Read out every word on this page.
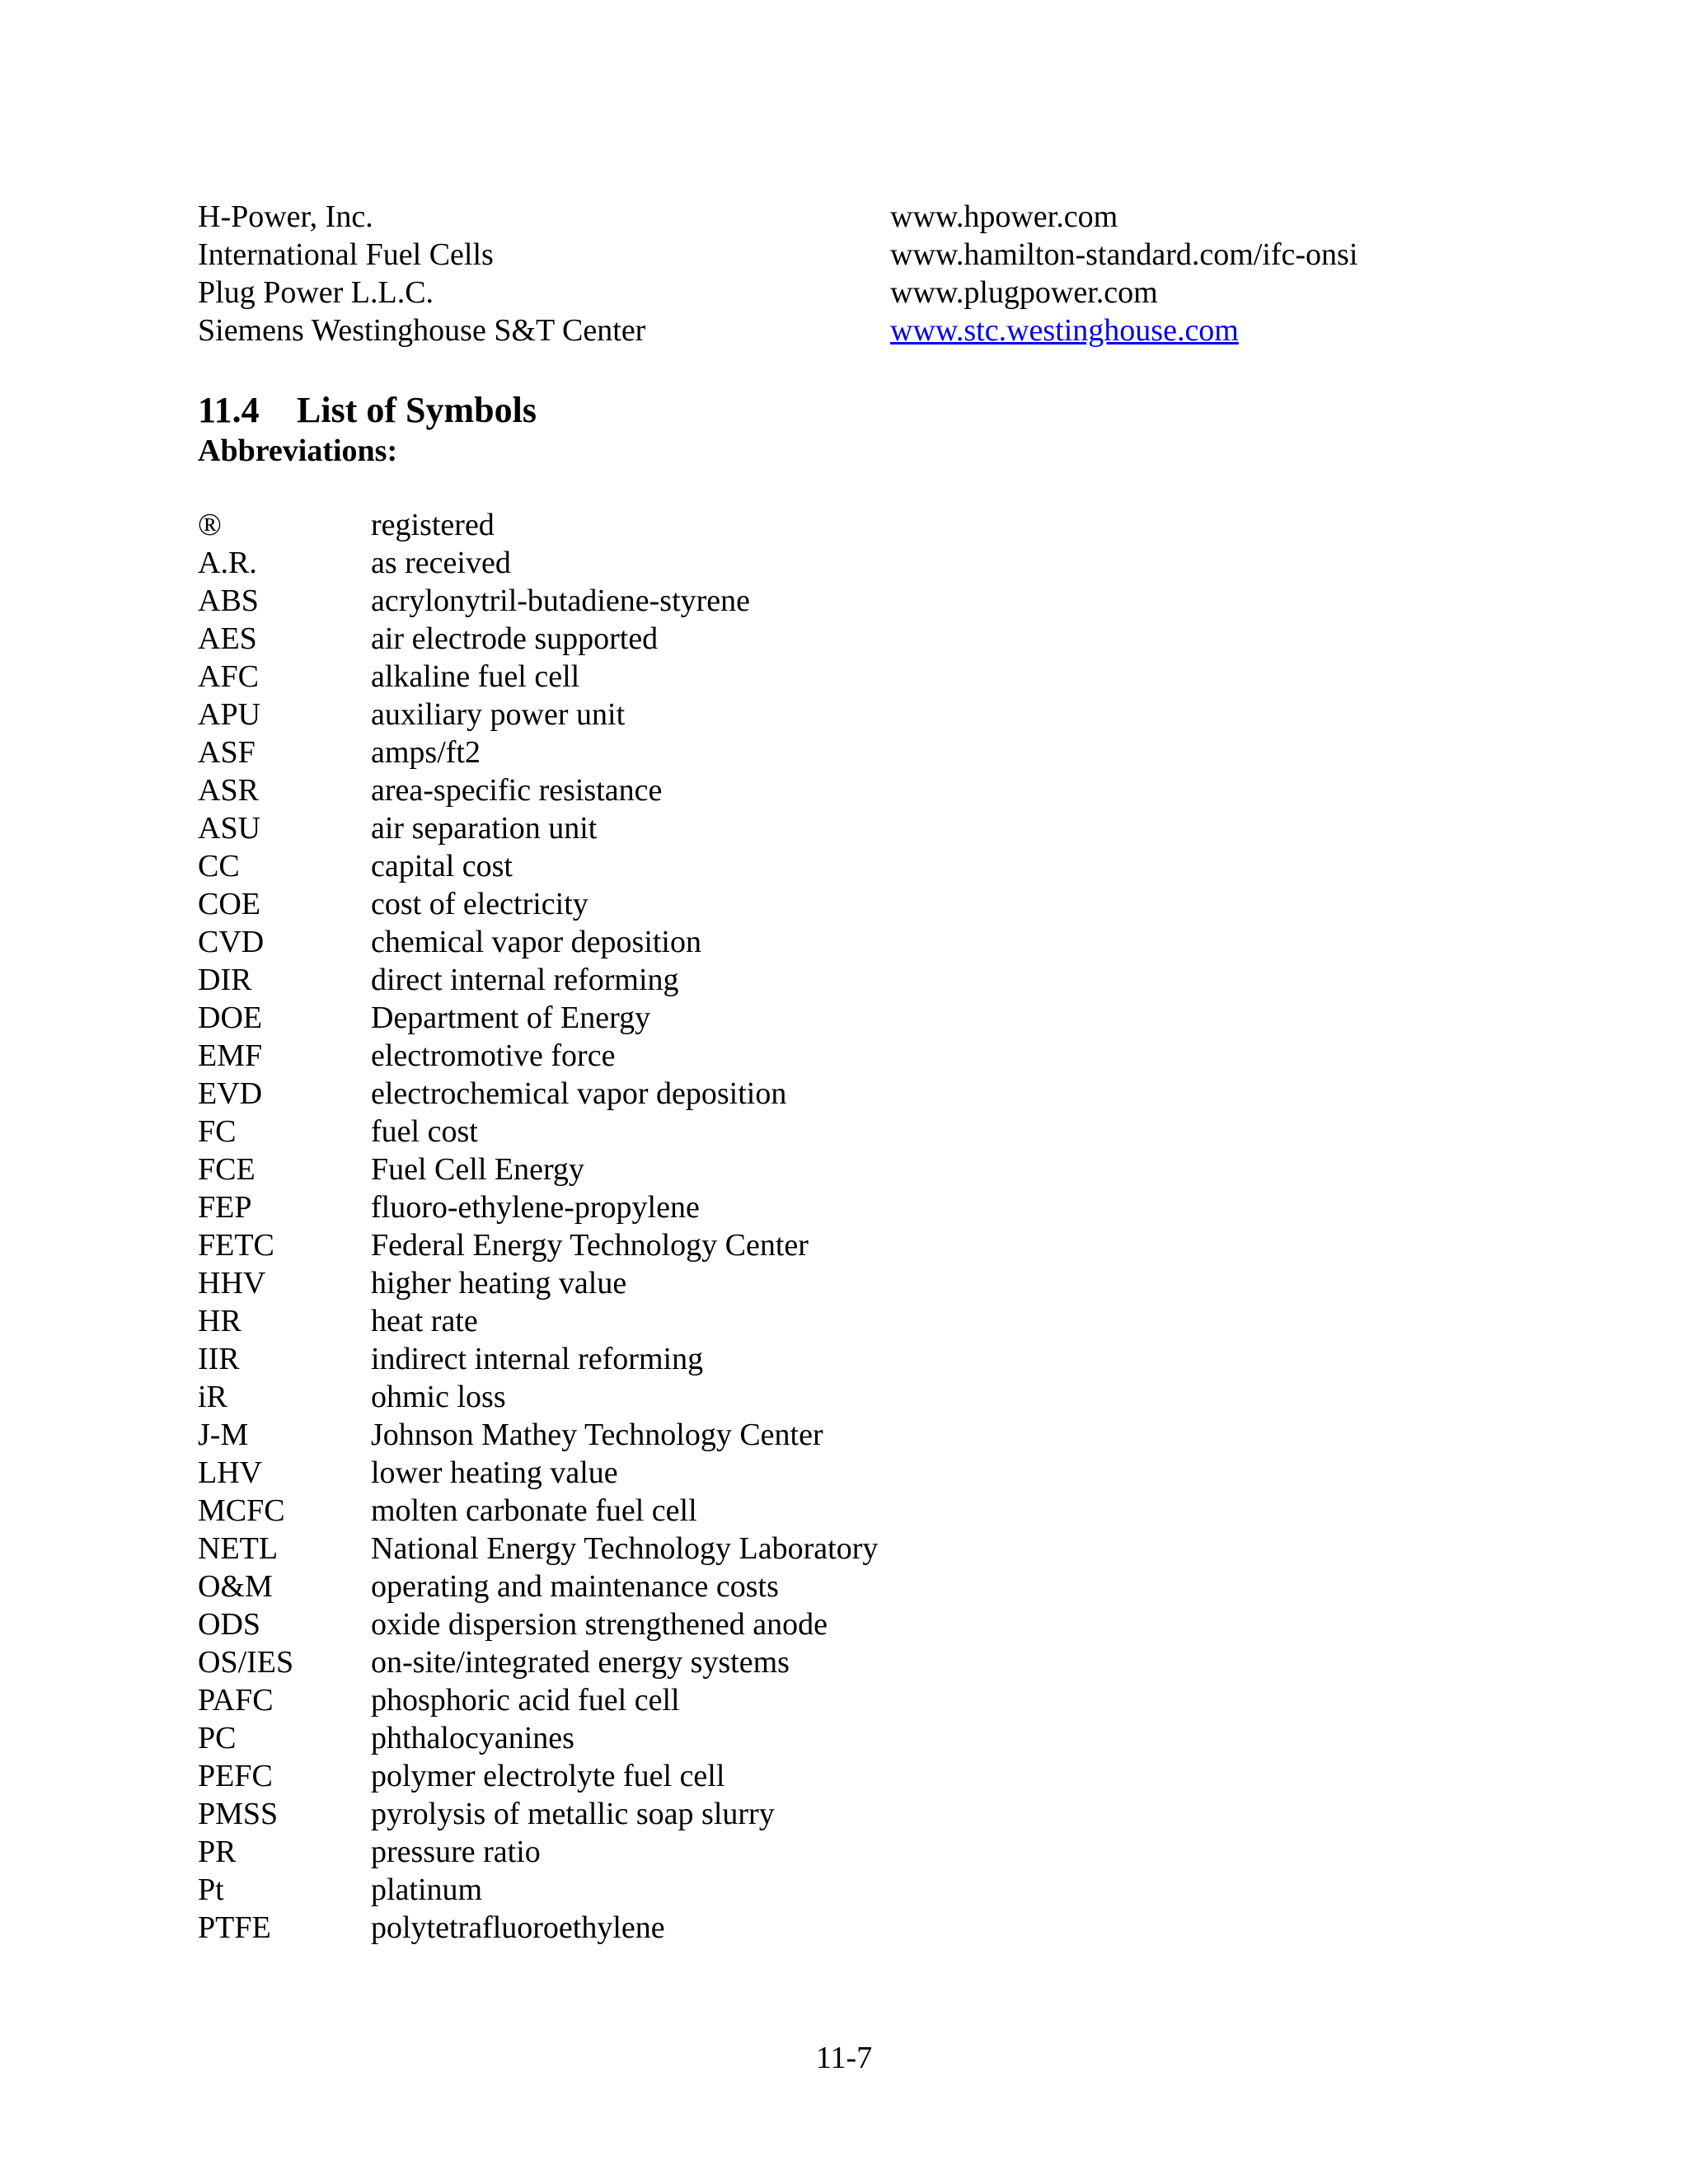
H-Power, Inc.	www.hpower.com
International Fuel Cells	www.hamilton-standard.com/ifc-onsi
Plug Power L.L.C.	www.plugpower.com
Siemens Westinghouse S&T Center	www.stc.westinghouse.com
11.4 List of Symbols
Abbreviations:
®	registered
A.R.	as received
ABS	acrylonytril-butadiene-styrene
AES	air electrode supported
AFC	alkaline fuel cell
APU	auxiliary power unit
ASF	amps/ft2
ASR	area-specific resistance
ASU	air separation unit
CC	capital cost
COE	cost of electricity
CVD	chemical vapor deposition
DIR	direct internal reforming
DOE	Department of Energy
EMF	electromotive force
EVD	electrochemical vapor deposition
FC	fuel cost
FCE	Fuel Cell Energy
FEP	fluoro-ethylene-propylene
FETC	Federal Energy Technology Center
HHV	higher heating value
HR	heat rate
IIR	indirect internal reforming
iR	ohmic loss
J-M	Johnson Mathey Technology Center
LHV	lower heating value
MCFC	molten carbonate fuel cell
NETL	National Energy Technology Laboratory
O&M	operating and maintenance costs
ODS	oxide dispersion strengthened anode
OS/IES	on-site/integrated energy systems
PAFC	phosphoric acid fuel cell
PC	phthalocyanines
PEFC	polymer electrolyte fuel cell
PMSS	pyrolysis of metallic soap slurry
PR	pressure ratio
Pt	platinum
PTFE	polytetrafluoroethylene
11-7
